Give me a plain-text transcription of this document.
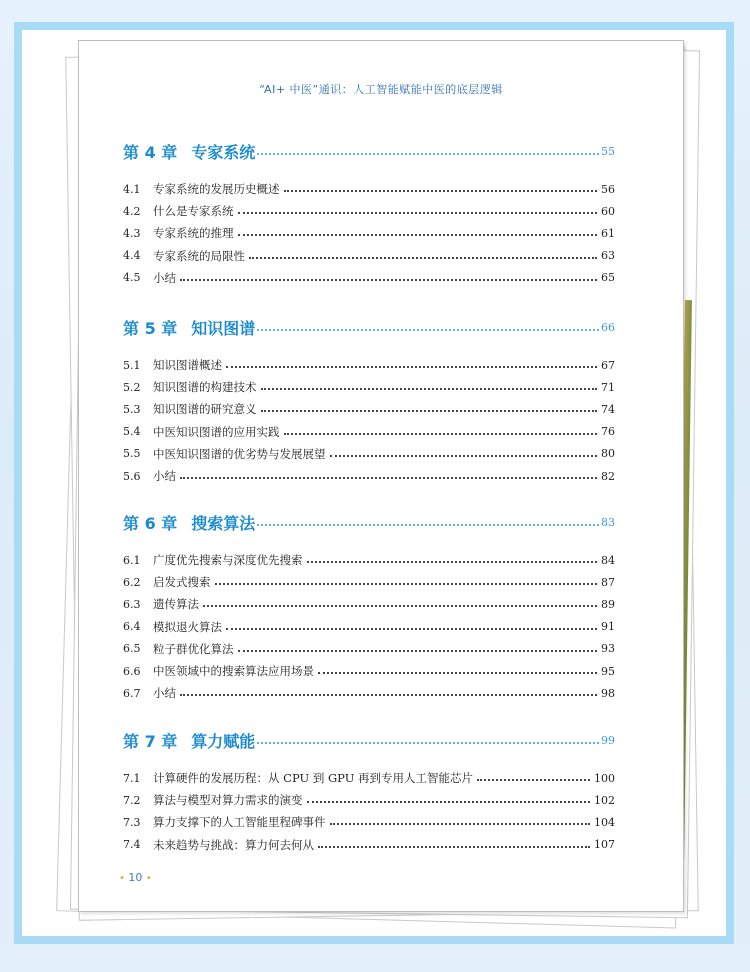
“AI+ 中医”通识：人工智能赋能中医的底层逻辑
• 10 •
第 4 章 专家系统	55
4.1	专家系统的发展历史概述	56
4.2	什么是专家系统	60
4.3	专家系统的推理	61
4.4	专家系统的局限性	63
4.5	小结	65
第 5 章 知识图谱	66
5.1	知识图谱概述	67
5.2	知识图谱的构建技术	71
5.3	知识图谱的研究意义	74
5.4	中医知识图谱的应用实践	76
5.5	中医知识图谱的优劣势与发展展望	80
5.6	小结	82
第 6 章 搜索算法	83
6.1	广度优先搜索与深度优先搜索	84
6.2	启发式搜索	87
6.3	遗传算法	89
6.4	模拟退火算法	91
6.5	粒子群优化算法	93
6.6	中医领域中的搜索算法应用场景	95
6.7	小结	98
第 7 章 算力赋能	99
7.1	计算硬件的发展历程：从 CPU 到 GPU 再到专用人工智能芯片	100
7.2	算法与模型对算力需求的演变	102
7.3	算力支撑下的人工智能里程碑事件	104
7.4	未来趋势与挑战：算力何去何从	107
